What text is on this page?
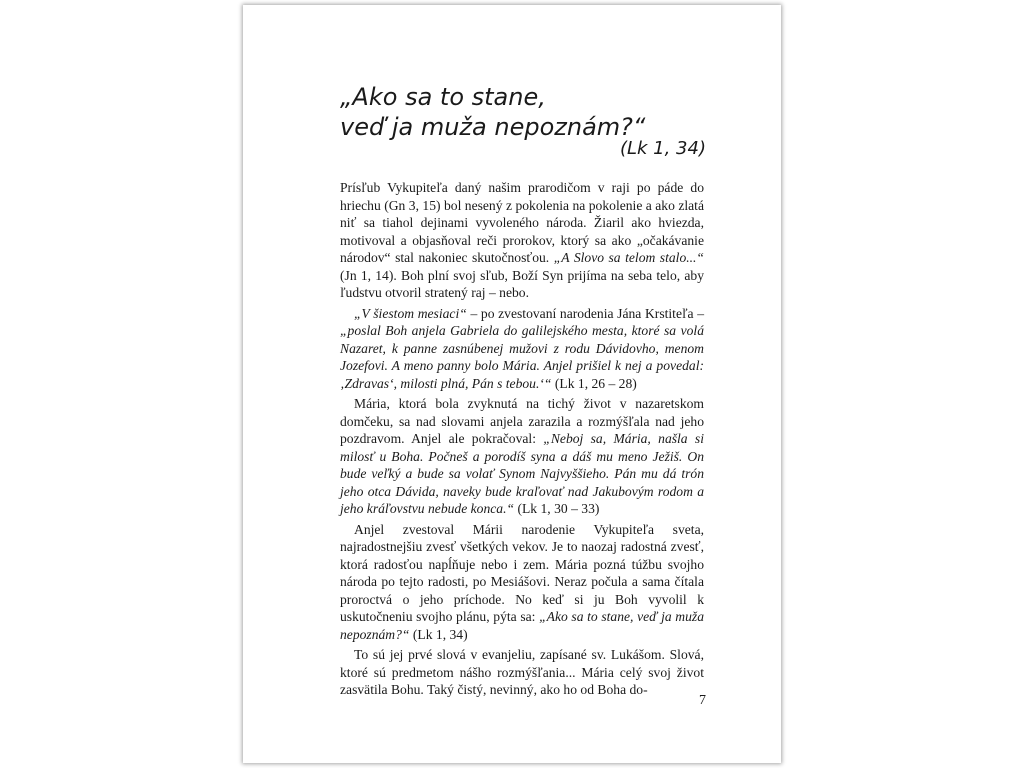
„Ako sa to stane,
veď ja muža nepoznám?“
(Lk 1, 34)

Prísľub Vykupiteľa daný našim prarodičom v raji po páde do hriechu (Gn 3, 15) bol nesený z pokolenia na pokolenie a ako zlatá niť sa tiahol dejinami vyvoleného národa. Žiaril ako hviezda, motivoval a objasňoval reči prorokov, ktorý sa ako „očakávanie národov“ stal nakoniec skutočnosťou. „A Slovo sa telom stalo...“ (Jn 1, 14). Boh plní svoj sľub, Boží Syn prijíma na seba telo, aby ľudstvu otvoril stratený raj – nebo.

„V šiestom mesiaci“ – po zvestovaní narodenia Jána Krstiteľa – „poslal Boh anjela Gabriela do galilejského mesta, ktoré sa volá Nazaret, k panne zasnúbenej mužovi z rodu Dávidovho, menom Jozefovi. A meno panny bolo Mária. Anjel prišiel k nej a povedal: ‚Zdravas‘, milosti plná, Pán s tebou.‘“ (Lk 1, 26 – 28)

Mária, ktorá bola zvyknutá na tichý život v nazaretskom domčeku, sa nad slovami anjela zarazila a rozmýšľala nad jeho pozdravom. Anjel ale pokračoval: „Neboj sa, Mária, našla si milosť u Boha. Počneš a porodíš syna a dáš mu meno Ježiš. On bude veľký a bude sa volať Synom Najvyššieho. Pán mu dá trón jeho otca Dávida, naveky bude kraľovať nad Jakubovým rodom a jeho kráľovstvu nebude konca.“ (Lk 1, 30 – 33)

Anjel zvestoval Márii narodenie Vykupiteľa sveta, najradostnejšiu zvesť všetkých vekov. Je to naozaj radostná zvesť, ktorá radosťou napĺňuje nebo i zem. Mária pozná túžbu svojho národa po tejto radosti, po Mesiášovi. Neraz počula a sama čítala proroctvá o jeho príchode. No keď si ju Boh vyvolil k uskutočneniu svojho plánu, pýta sa: „Ako sa to stane, veď ja muža nepoznám?“ (Lk 1, 34)

To sú jej prvé slová v evanjeliu, zapísané sv. Lukášom. Slová, ktoré sú predmetom nášho rozmýšľania... Mária celý svoj život zasvätila Bohu. Taký čistý, nevinný, ako ho od Boha do-

7
